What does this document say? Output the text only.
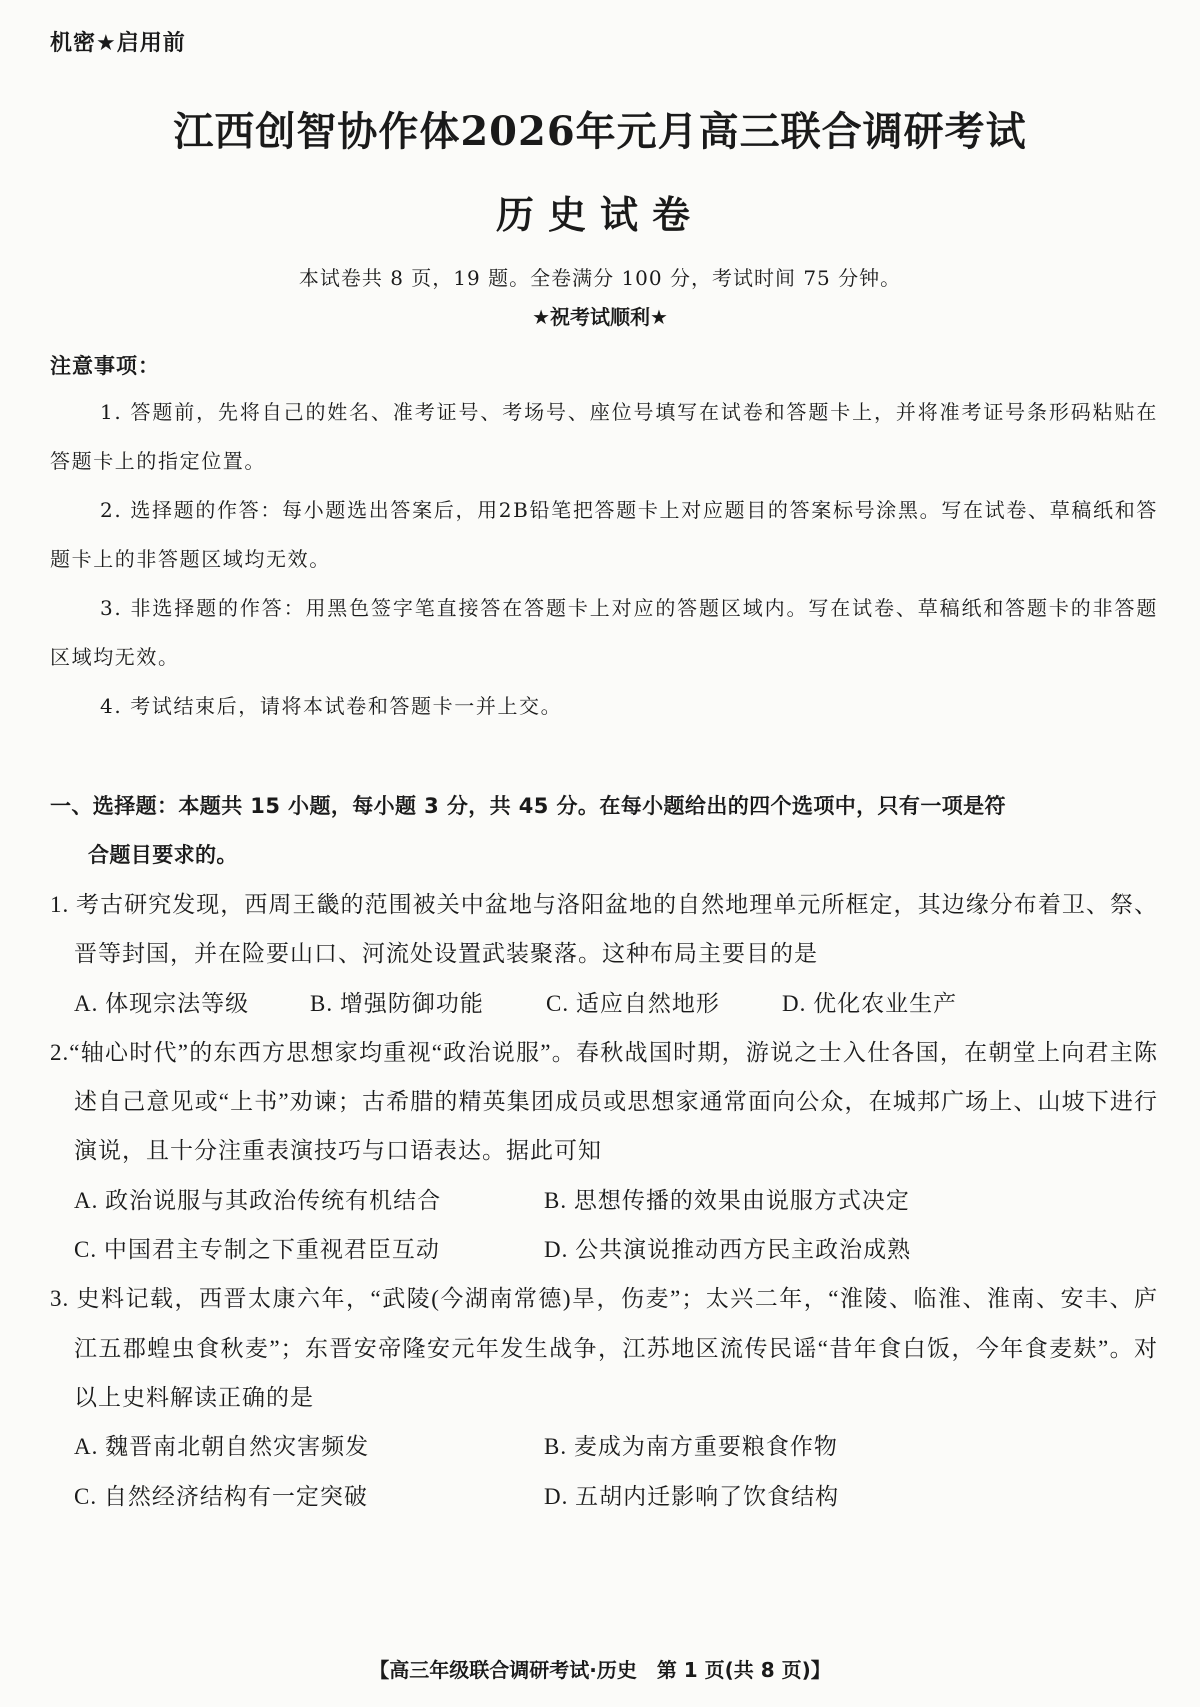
机密★启用前
江西创智协作体2026年元月高三联合调研考试
历史试卷
本试卷共 8 页，19 题。全卷满分 100 分，考试时间 75 分钟。
★祝考试顺利★
注意事项：

1. 答题前，先将自己的姓名、准考证号、考场号、座位号填写在试卷和答题卡上，并将准考证号条形码粘贴在答题卡上的指定位置。

2. 选择题的作答：每小题选出答案后，用2B铅笔把答题卡上对应题目的答案标号涂黑。写在试卷、草稿纸和答题卡上的非答题区域均无效。

3. 非选择题的作答：用黑色签字笔直接答在答题卡上对应的答题区域内。写在试卷、草稿纸和答题卡的非答题区域均无效。

4. 考试结束后，请将本试卷和答题卡一并上交。

一、选择题：本题共 15 小题，每小题 3 分，共 45 分。在每小题给出的四个选项中，只有一项是符
合题目要求的。

1. 考古研究发现，西周王畿的范围被关中盆地与洛阳盆地的自然地理单元所框定，其边缘分布着卫、祭、晋等封国，并在险要山口、河流处设置武装聚落。这种布局主要目的是

A. 体现宗法等级	B. 增强防御功能	C. 适应自然地形	D. 优化农业生产

2.“轴心时代”的东西方思想家均重视“政治说服”。春秋战国时期，游说之士入仕各国，在朝堂上向君主陈述自己意见或“上书”劝谏；古希腊的精英集团成员或思想家通常面向公众，在城邦广场上、山坡下进行演说，且十分注重表演技巧与口语表达。据此可知

A. 政治说服与其政治传统有机结合	B. 思想传播的效果由说服方式决定
C. 中国君主专制之下重视君臣互动	D. 公共演说推动西方民主政治成熟

3. 史料记载，西晋太康六年，“武陵(今湖南常德)旱，伤麦”；太兴二年，“淮陵、临淮、淮南、安丰、庐江五郡蝗虫食秋麦”；东晋安帝隆安元年发生战争，江苏地区流传民谣“昔年食白饭，今年食麦麸”。对以上史料解读正确的是

A. 魏晋南北朝自然灾害频发	B. 麦成为南方重要粮食作物
C. 自然经济结构有一定突破	D. 五胡内迁影响了饮食结构
【高三年级联合调研考试·历史　第 1 页(共 8 页)】
